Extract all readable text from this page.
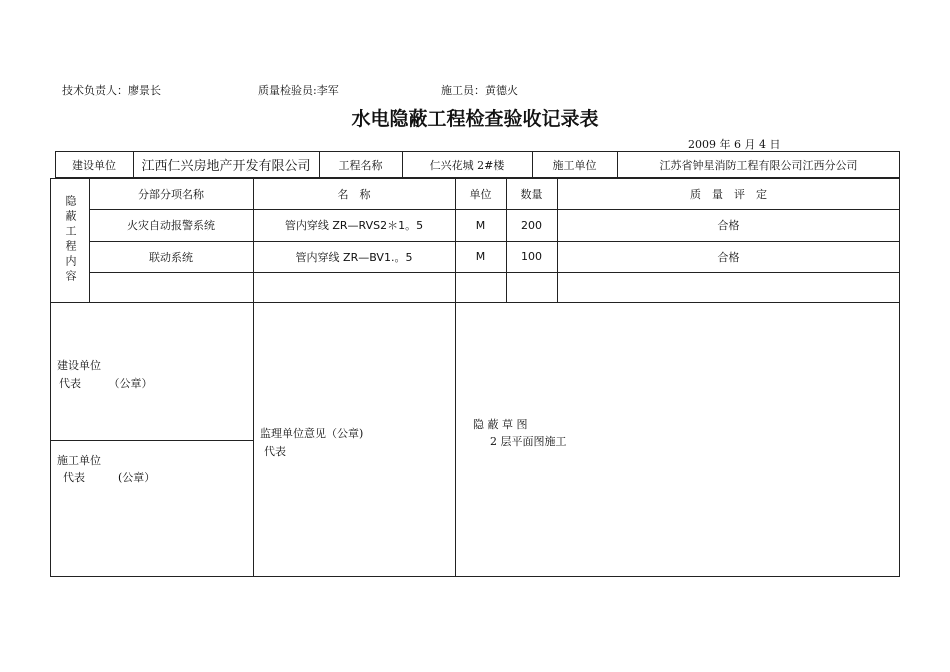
技术负责人：廖景长	质量检验员:李军	施工员：黄德火
水电隐蔽工程检查验收记录表
2009 年 6 月 4 日
建设单位	江西仁兴房地产开发有限公司	工程名称	仁兴花城 2#楼	施工单位	江苏省钟星消防工程有限公司江西分公司
隐蔽工程内容
分部分项名称	名　称	单位	数量	质　量　评　定
火灾自动报警系统	管内穿线 ZR—RVS2＊1。5	M	200	合格
联动系统	管内穿线 ZR—BV1.。5	M	100	合格
建设单位
代表　　　（公章）
施工单位
代表　　　(公章）
监理单位意见（公章)
代表
隐 蔽 草 图
2 层平面图施工
